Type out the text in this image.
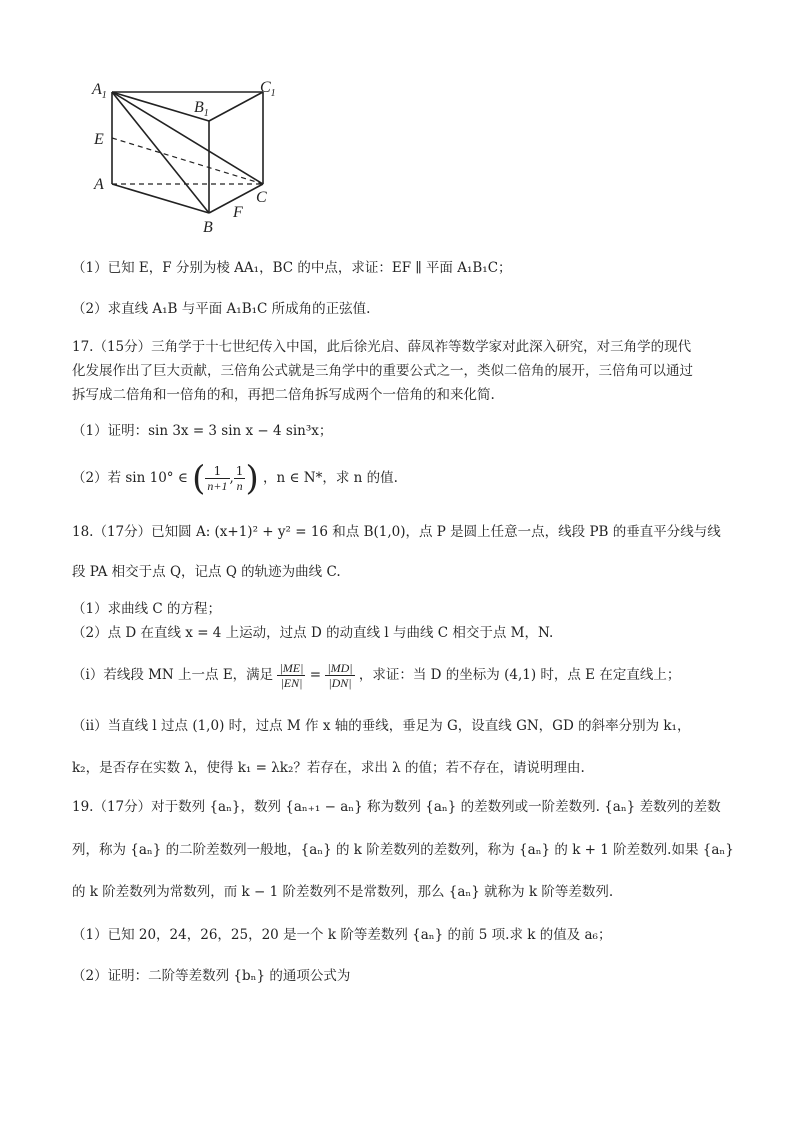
$A_1$
$B_1$
$C_1$
E
A
C
F
B
（1）已知 E，F 分别为棱 AA₁，BC 的中点，求证：EF ∥ 平面 A₁B₁C；
（2）求直线 A₁B 与平面 A₁B₁C 所成角的正弦值.
17.（15分）三角学于十七世纪传入中国，此后徐光启、薛凤祚等数学家对此深入研究，对三角学的现代
化发展作出了巨大贡献，三倍角公式就是三角学中的重要公式之一，类似二倍角的展开，三倍角可以通过
拆写成二倍角和一倍角的和，再把二倍角拆写成两个一倍角的和来化简.
（1）证明：sin 3x = 3 sin x − 4 sin³x；
（2）若 sin 10° ∈ ( $\frac{1}{n+1}$ , $\frac{1}{n}$ ) ，n ∈ N*，求 n 的值.
18.（17分）已知圆 A: (x+1)² + y² = 16 和点 B(1,0)，点 P 是圆上任意一点，线段 PB 的垂直平分线与线
段 PA 相交于点 Q，记点 Q 的轨迹为曲线 C.
（1）求曲线 C 的方程；
（2）点 D 在直线 x = 4 上运动，过点 D 的动直线 l 与曲线 C 相交于点 M，N.
（ⅰ）若线段 MN 上一点 E，满足 $\frac{|ME|}{|EN|} = \frac{|MD|}{|DN|}$ ，求证：当 D 的坐标为 (4,1) 时，点 E 在定直线上；
（ⅱ）当直线 l 过点 (1,0) 时，过点 M 作 x 轴的垂线，垂足为 G，设直线 GN，GD 的斜率分别为 k₁，
k₂，是否存在实数 λ，使得 k₁ = λk₂？若存在，求出 λ 的值；若不存在，请说明理由.
19.（17分）对于数列 {aₙ}，数列 {aₙ₊₁ − aₙ} 称为数列 {aₙ} 的差数列或一阶差数列. {aₙ} 差数列的差数
列，称为 {aₙ} 的二阶差数列一般地，{aₙ} 的 k 阶差数列的差数列，称为 {aₙ} 的 k + 1 阶差数列.如果 {aₙ}
的 k 阶差数列为常数列，而 k − 1 阶差数列不是常数列，那么 {aₙ} 就称为 k 阶等差数列.
（1）已知 20，24，26，25，20 是一个 k 阶等差数列 {aₙ} 的前 5 项.求 k 的值及 a₆；
（2）证明：二阶等差数列 {bₙ} 的通项公式为
